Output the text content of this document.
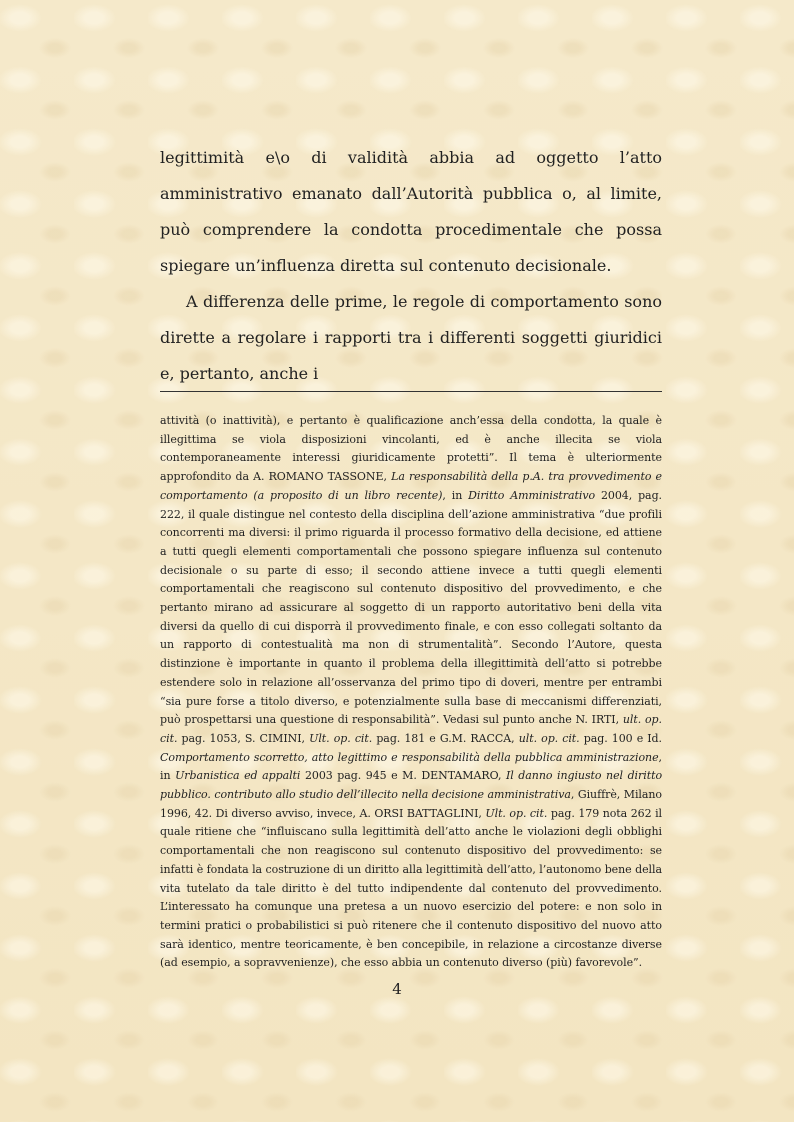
legittimità e\o di validità abbia ad oggetto l’atto amministrativo emanato dall’Autorità pubblica o, al limite, può comprendere la condotta procedimentale che possa spiegare un’influenza diretta sul contenuto decisionale.

A differenza delle prime, le regole di comportamento sono dirette a regolare i rapporti tra i differenti soggetti giuridici e, pertanto, anche i

attività (o inattività), e pertanto è qualificazione anch’essa della condotta, la quale è illegittima se viola disposizioni vincolanti, ed è anche illecita se viola contemporaneamente interessi giuridicamente protetti”. Il tema è ulteriormente approfondito da A. ROMANO TASSONE, La responsabilità della p.A. tra provvedimento e comportamento (a proposito di un libro recente), in Diritto Amministrativo 2004, pag. 222, il quale distingue nel contesto della disciplina dell’azione amministrativa “due profili concorrenti ma diversi: il primo riguarda il processo formativo della decisione, ed attiene a tutti quegli elementi comportamentali che possono spiegare influenza sul contenuto decisionale o su parte di esso; il secondo attiene invece a tutti quegli elementi comportamentali che reagiscono sul contenuto dispositivo del provvedimento, e che pertanto mirano ad assicurare al soggetto di un rapporto autoritativo beni della vita diversi da quello di cui disporrà il provvedimento finale, e con esso collegati soltanto da un rapporto di contestualità ma non di strumentalità”. Secondo l’Autore, questa distinzione è importante in quanto il problema della illegittimità dell’atto si potrebbe estendere solo in relazione all’osservanza del primo tipo di doveri, mentre per entrambi “sia pure forse a titolo diverso, e potenzialmente sulla base di meccanismi differenziati, può prospettarsi una questione di responsabilità”. Vedasi sul punto anche N. IRTI, ult. op. cit. pag. 1053, S. CIMINI, Ult. op. cit. pag. 181 e G.M. RACCA, ult. op. cit. pag. 100 e Id. Comportamento scorretto, atto legittimo e responsabilità della pubblica amministrazione, in Urbanistica ed appalti 2003 pag. 945 e M. DENTAMARO, Il danno ingiusto nel diritto pubblico. contributo allo studio dell’illecito nella decisione amministrativa, Giuffrè, Milano 1996, 42. Di diverso avviso, invece, A. ORSI BATTAGLINI, Ult. op. cit. pag. 179 nota 262 il quale ritiene che “influiscano sulla legittimità dell’atto anche le violazioni degli obblighi comportamentali che non reagiscono sul contenuto dispositivo del provvedimento: se infatti è fondata la costruzione di un diritto alla legittimità dell’atto, l’autonomo bene della vita tutelato da tale diritto è del tutto indipendente dal contenuto del provvedimento. L’interessato ha comunque una pretesa a un nuovo esercizio del potere: e non solo in termini pratici o probabilistici si può ritenere che il contenuto dispositivo del nuovo atto sarà identico, mentre teoricamente, è ben concepibile, in relazione a circostanze diverse (ad esempio, a sopravvenienze), che esso abbia un contenuto diverso (più) favorevole”.

4
